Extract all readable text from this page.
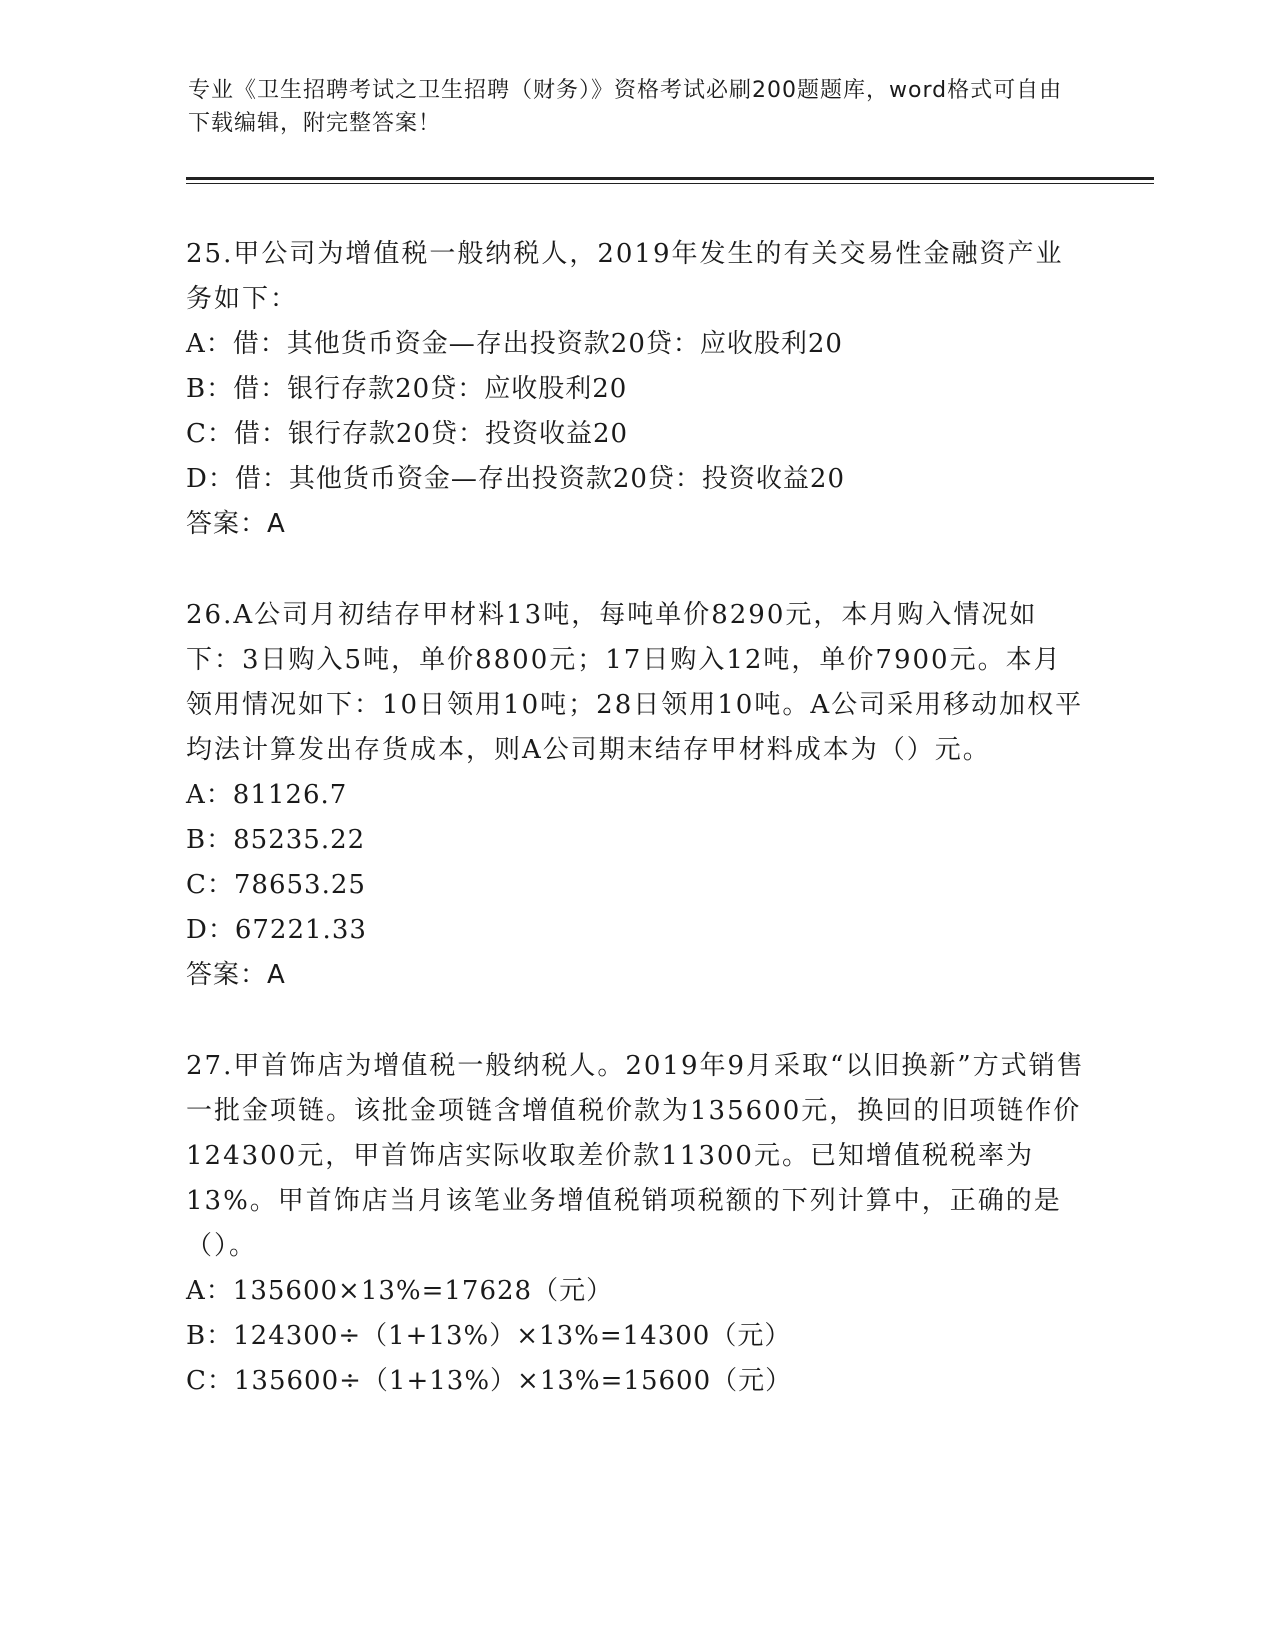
专业《卫生招聘考试之卫生招聘（财务）》资格考试必刷200题题库，word格式可自由下载编辑，附完整答案！

25.甲公司为增值税一般纳税人，2019年发生的有关交易性金融资产业务如下：

A：借：其他货币资金—存出投资款20贷：应收股利20

B：借：银行存款20贷：应收股利20

C：借：银行存款20贷：投资收益20

D：借：其他货币资金—存出投资款20贷：投资收益20

答案：A

26.A公司月初结存甲材料13吨，每吨单价8290元，本月购入情况如下：3日购入5吨，单价8800元；17日购入12吨，单价7900元。本月领用情况如下：10日领用10吨；28日领用10吨。A公司采用移动加权平均法计算发出存货成本，则A公司期末结存甲材料成本为（）元。

A：81126.7

B：85235.22

C：78653.25

D：67221.33

答案：A

27.甲首饰店为增值税一般纳税人。2019年9月采取“以旧换新”方式销售一批金项链。该批金项链含增值税价款为135600元，换回的旧项链作价124300元，甲首饰店实际收取差价款11300元。已知增值税税率为13%。甲首饰店当月该笔业务增值税销项税额的下列计算中，正确的是（）。

A：135600×13%=17628（元）

B：124300÷（1+13%）×13%=14300（元）

C：135600÷（1+13%）×13%=15600（元）
